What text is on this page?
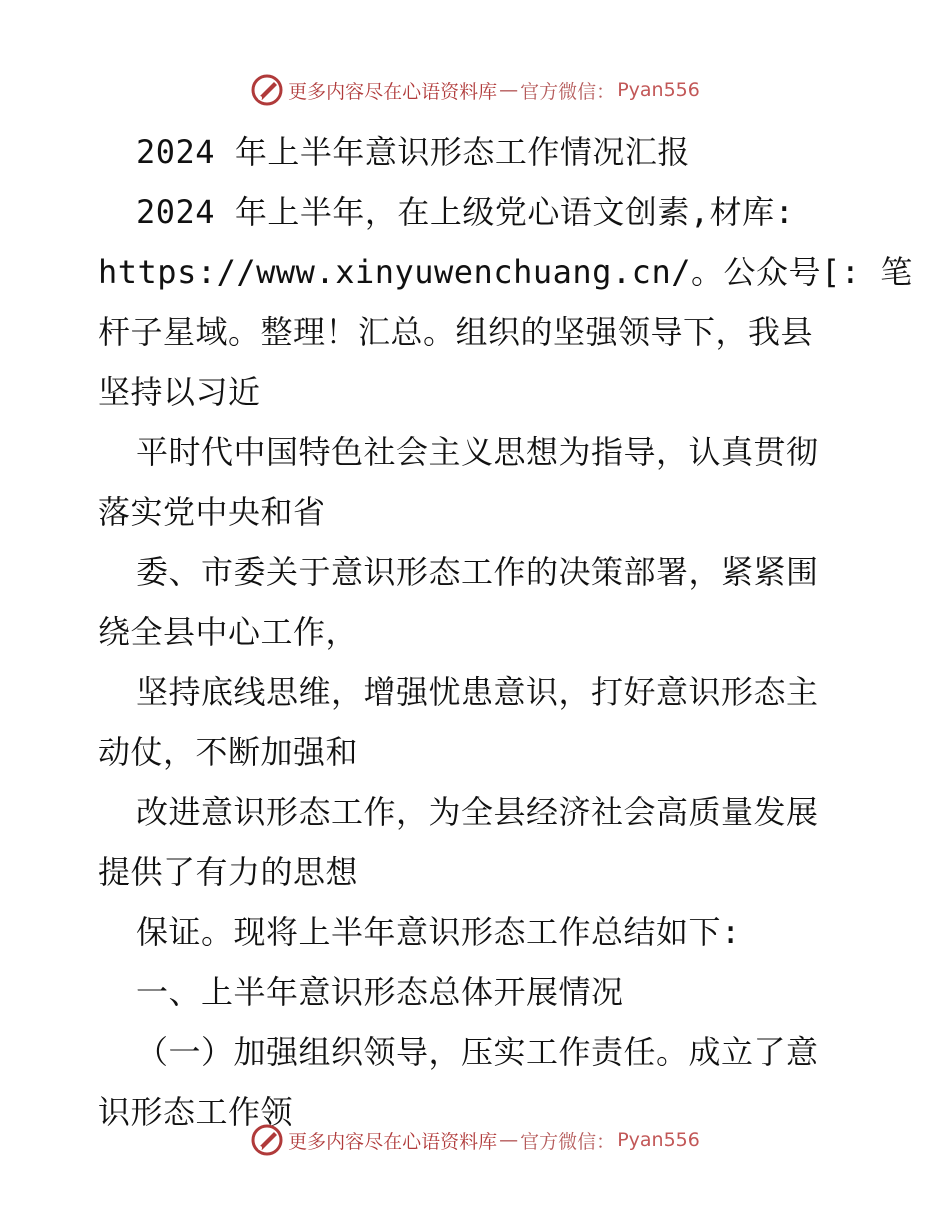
更多内容尽在心语资料库 — 官方微信： Pyan556
2024 年上半年意识形态工作情况汇报
2024 年上半年，在上级党心语文创素,材库:
https://www.xinyuwenchuang.cn/。公众号[: 笔
杆子星域。整理！汇总。组织的坚强领导下，我县
坚持以习近
平时代中国特色社会主义思想为指导，认真贯彻
落实党中央和省
委、市委关于意识形态工作的决策部署，紧紧围
绕全县中心工作，
坚持底线思维，增强忧患意识，打好意识形态主
动仗，不断加强和
改进意识形态工作，为全县经济社会高质量发展
提供了有力的思想
保证。现将上半年意识形态工作总结如下:
一、上半年意识形态总体开展情况
（一）加强组织领导，压实工作责任。成立了意
识形态工作领
更多内容尽在心语资料库 — 官方微信： Pyan556
